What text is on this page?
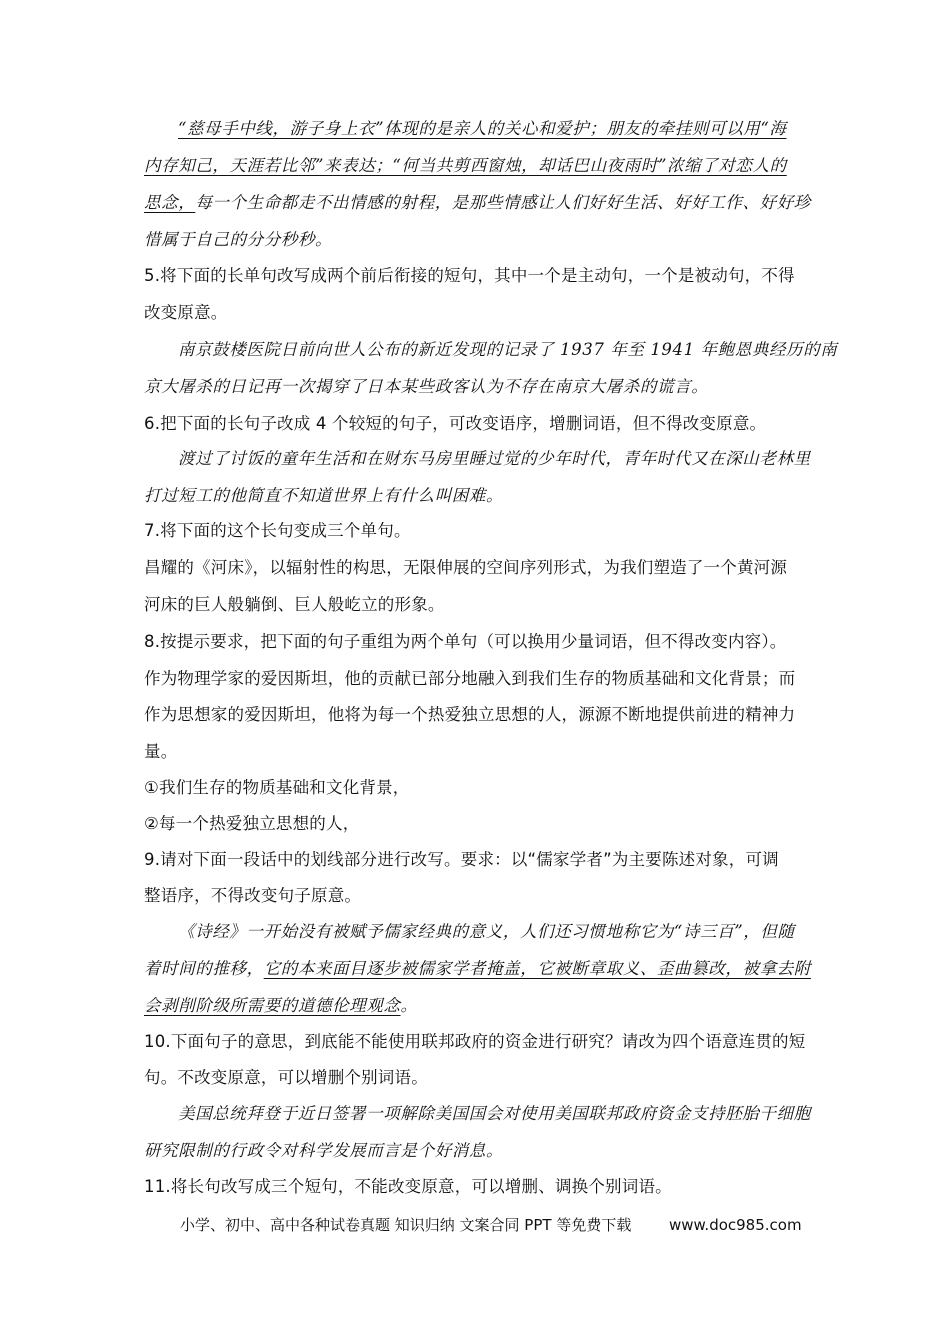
“慈母手中线，游子身上衣”体现的是亲人的关心和爱护；朋友的牵挂则可以用“海
内存知己，天涯若比邻”来表达；“何当共剪西窗烛，却话巴山夜雨时”浓缩了对恋人的
思念，每一个生命都走不出情感的射程，是那些情感让人们好好生活、好好工作、好好珍
惜属于自己的分分秒秒。
5.将下面的长单句改写成两个前后衔接的短句，其中一个是主动句，一个是被动句，不得
改变原意。
南京鼓楼医院日前向世人公布的新近发现的记录了 1937 年至 1941 年鲍恩典经历的南
京大屠杀的日记再一次揭穿了日本某些政客认为不存在南京大屠杀的谎言。
6.把下面的长句子改成 4 个较短的句子，可改变语序，增删词语，但不得改变原意。
渡过了讨饭的童年生活和在财东马房里睡过觉的少年时代，青年时代又在深山老林里
打过短工的他简直不知道世界上有什么叫困难。
7.将下面的这个长句变成三个单句。
昌耀的《河床》，以辐射性的构思，无限伸展的空间序列形式，为我们塑造了一个黄河源
河床的巨人般躺倒、巨人般屹立的形象。
8.按提示要求，把下面的句子重组为两个单句（可以换用少量词语，但不得改变内容）。
作为物理学家的爱因斯坦，他的贡献已部分地融入到我们生存的物质基础和文化背景；而
作为思想家的爱因斯坦，他将为每一个热爱独立思想的人，源源不断地提供前进的精神力
量。
①我们生存的物质基础和文化背景，
②每一个热爱独立思想的人，
9.请对下面一段话中的划线部分进行改写。要求：以“儒家学者”为主要陈述对象，可调
整语序，不得改变句子原意。
《诗经》一开始没有被赋予儒家经典的意义，人们还习惯地称它为“诗三百”，但随
着时间的推移，它的本来面目逐步被儒家学者掩盖，它被断章取义、歪曲篡改，被拿去附
会剥削阶级所需要的道德伦理观念。
10.下面句子的意思，到底能不能使用联邦政府的资金进行研究？请改为四个语意连贯的短
句。不改变原意，可以增删个别词语。
美国总统拜登于近日签署一项解除美国国会对使用美国联邦政府资金支持胚胎干细胞
研究限制的行政令对科学发展而言是个好消息。
11.将长句改写成三个短句，不能改变原意，可以增删、调换个别词语。
小学、初中、高中各种试卷真题 知识归纳 文案合同 PPT 等免费下载	www.doc985.com
